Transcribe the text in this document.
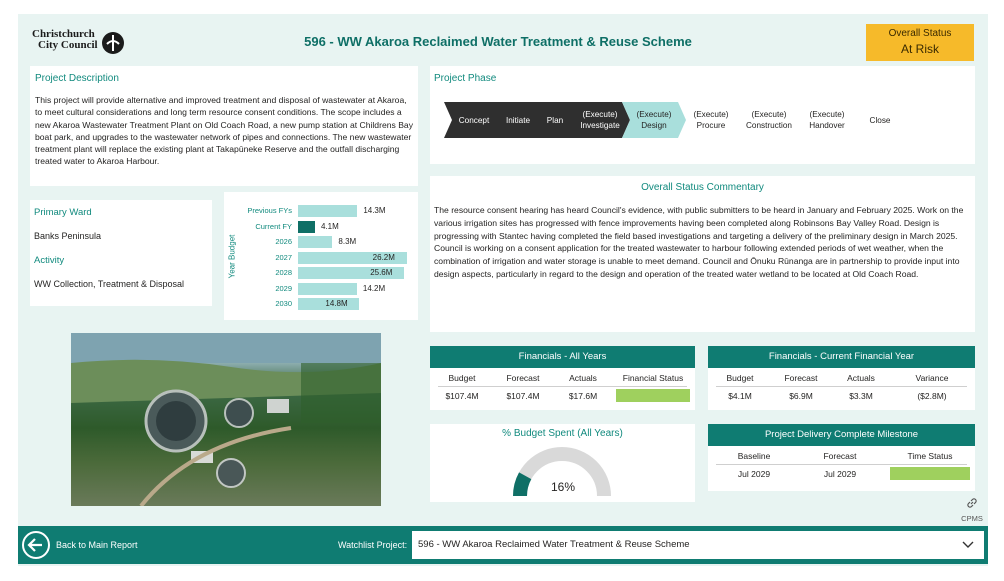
Christchurch
City Council	596 - WW Akaroa Reclaimed Water Treatment & Reuse Scheme
Overall Status
At Risk
Project Description
This project will provide alternative and improved treatment and disposal of wastewater at Akaroa, to meet cultural considerations and long term resource consent conditions. The scope includes a new Akaroa Wastewater Treatment Plant on Old Coach Road, a new pump station at Childrens Bay boat park, and upgrades to the wastewater network of pipes and connections. The new wastewater treatment plant will replace the existing plant at Takapūneke Reserve and the outfall discharging treated water to Akaroa Harbour.
Primary Ward
Banks Peninsula
Activity
WW Collection, Treatment & Disposal
Year Budget
Previous FYs	14.3M
Current FY	4.1M
2026	8.3M
2027	26.2M
2028	25.6M
2029	14.2M
2030	14.8M
Project Phase
Concept Initiate Plan
(Execute)
Investigate
(Execute)
Design
(Execute)
Procure
(Execute)
Construction
(Execute)
Handover
Close
Overall Status Commentary
The resource consent hearing has heard Council's evidence, with public submitters to be heard in January and February 2025. Work on the various irrigation sites has progressed with fence improvements having been completed along Robinsons Bay Valley Road. Design is progressing with Stantec having completed the field based investigations and targeting a delivery of the preliminary design in March 2025. Council is working on a consent application for the treated wastewater to harbour following extended periods of wet weather, when the combination of irrigation and water storage is unable to meet demand. Council and Ōnuku Rūnanga are in partnership to provide input into design aspects, particularly in regard to the design and operation of the treated water wetland to be located at Old Coach Road.
Financials - All Years
Budget	Forecast	Actuals	Financial Status
$107.4M	$107.4M	$17.6M
Financials - Current Financial Year
Budget	Forecast	Actuals	Variance
$4.1M	$6.9M	$3.3M	($2.8M)
% Budget Spent (All Years)
16%
Project Delivery Complete Milestone
Baseline	Forecast	Time Status
Jul 2029	Jul 2029
CPMS
Back to Main Report	Watchlist Project:	596 - WW Akaroa Reclaimed Water Treatment & Reuse Scheme
